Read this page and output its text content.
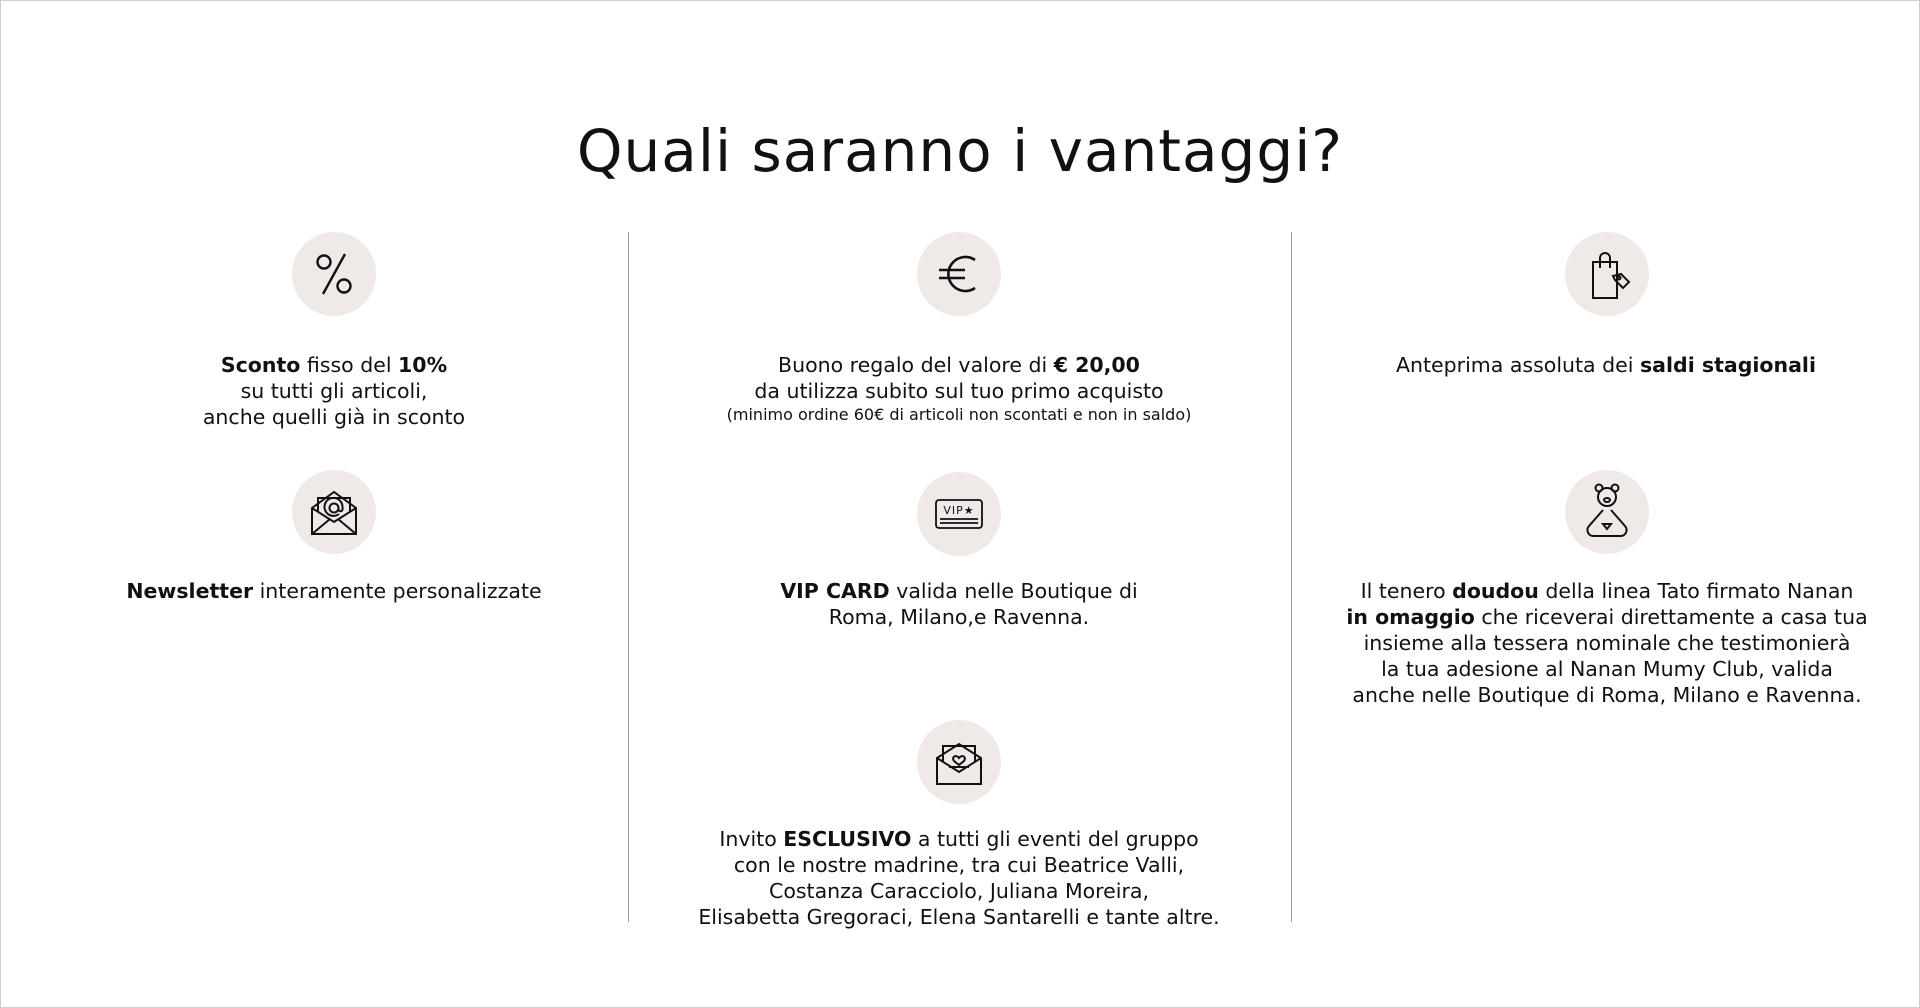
Quali saranno i vantaggi?
Sconto fisso del 10%
su tutti gli articoli,
anche quelli già in sconto
Newsletter interamente personalizzate
Buono regalo del valore di € 20,00
da utilizza subito sul tuo primo acquisto
(minimo ordine 60€ di articoli non scontati e non in saldo)
VIP★
VIP CARD valida nelle Boutique di
Roma, Milano,e Ravenna.
Invito ESCLUSIVO a tutti gli eventi del gruppo
con le nostre madrine, tra cui Beatrice Valli,
Costanza Caracciolo, Juliana Moreira,
Elisabetta Gregoraci, Elena Santarelli e tante altre.
Anteprima assoluta dei saldi stagionali
Il tenero doudou della linea Tato firmato Nanan
in omaggio che riceverai direttamente a casa tua
insieme alla tessera nominale che testimonierà
la tua adesione al Nanan Mumy Club, valida
anche nelle Boutique di Roma, Milano e Ravenna.
